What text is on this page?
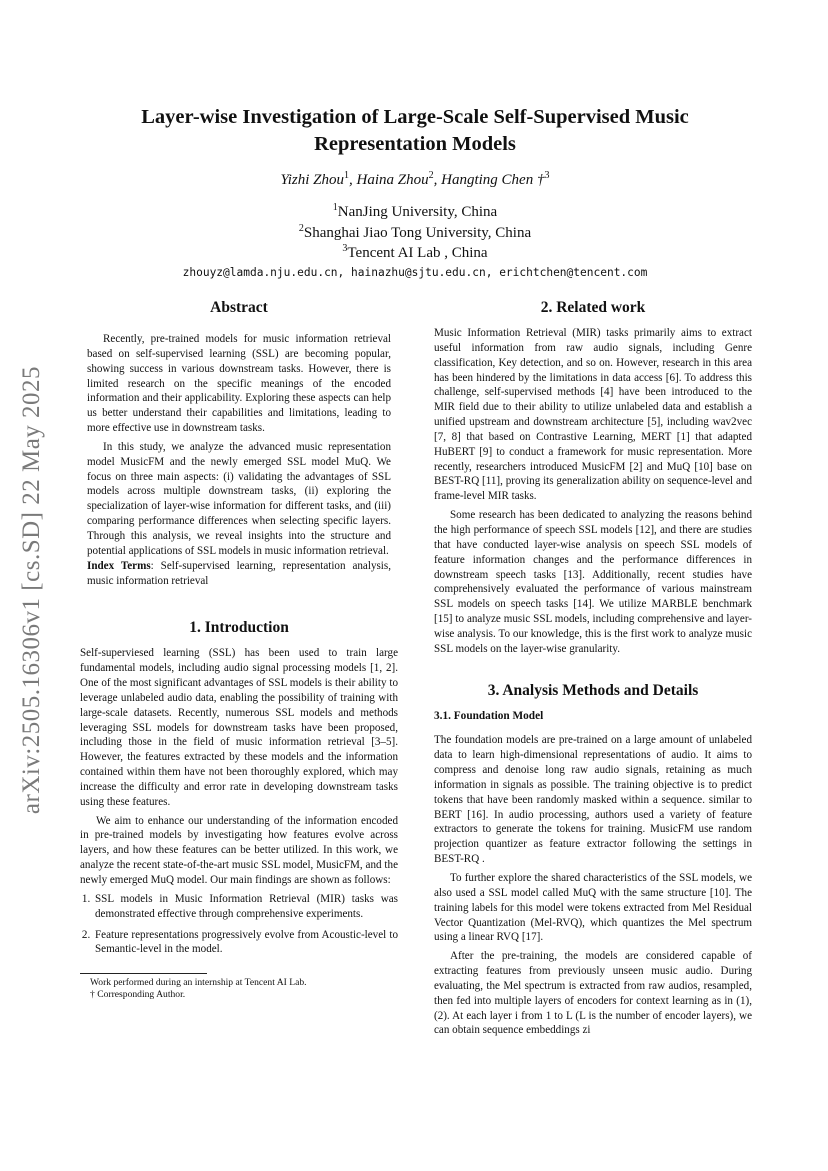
arXiv:2505.16306v1 [cs.SD] 22 May 2025
Layer-wise Investigation of Large-Scale Self-Supervised Music Representation Models
Yizhi Zhou$^1$, Haina Zhou$^2$, Hangting Chen †$^3$
$^1$NanJing University, China
$^2$Shanghai Jiao Tong University, China
$^3$Tencent AI Lab , China
zhouyz@lamda.nju.edu.cn, hainazhu@sjtu.edu.cn, erichtchen@tencent.com
Abstract

Recently, pre-trained models for music information retrieval based on self-supervised learning (SSL) are becoming popular, showing success in various downstream tasks. However, there is limited research on the specific meanings of the encoded information and their applicability. Exploring these aspects can help us better understand their capabilities and limitations, leading to more effective use in downstream tasks.

In this study, we analyze the advanced music representation model MusicFM and the newly emerged SSL model MuQ. We focus on three main aspects: (i) validating the advantages of SSL models across multiple downstream tasks, (ii) exploring the specialization of layer-wise information for different tasks, and (iii) comparing performance differences when selecting specific layers. Through this analysis, we reveal insights into the structure and potential applications of SSL models in music information retrieval.

Index Terms: Self-supervised learning, representation analysis, music information retrieval

1. Introduction

Self-superviesed learning (SSL) has been used to train large fundamental models, including audio signal processing models [1, 2]. One of the most significant advantages of SSL models is their ability to leverage unlabeled audio data, enabling the possibility of training with large-scale datasets. Recently, numerous SSL models and methods leveraging SSL models for downstream tasks have been proposed, including those in the field of music information retrieval [3–5]. However, the features extracted by these models and the information contained within them have not been thoroughly explored, which may increase the difficulty and error rate in developing downstream tasks using these features.

We aim to enhance our understanding of the information encoded in pre-trained models by investigating how features evolve across layers, and how these features can be better utilized. In this work, we analyze the recent state-of-the-art music SSL model, MusicFM, and the newly emerged MuQ model. Our main findings are shown as follows:

1. SSL models in Music Information Retrieval (MIR) tasks was demonstrated effective through comprehensive experiments.
2. Feature representations progressively evolve from Acoustic-level to Semantic-level in the model.
Work performed during an internship at Tencent AI Lab.
† Corresponding Author.
2. Related work

Music Information Retrieval (MIR) tasks primarily aims to extract useful information from raw audio signals, including Genre classification, Key detection, and so on. However, research in this area has been hindered by the limitations in data access [6]. To address this challenge, self-supervised methods [4] have been introduced to the MIR field due to their ability to utilize unlabeled data and establish a unified upstream and downstream architecture [5], including wav2vec [7, 8] that based on Contrastive Learning, MERT [1] that adapted HuBERT [9] to conduct a framework for music representation. More recently, researchers introduced MusicFM [2] and MuQ [10] base on BEST-RQ [11], proving its generalization ability on sequence-level and frame-level MIR tasks.

Some research has been dedicated to analyzing the reasons behind the high performance of speech SSL models [12], and there are studies that have conducted layer-wise analysis on speech SSL models of feature information changes and the performance differences in downstream speech tasks [13]. Additionally, recent studies have comprehensively evaluated the performance of various mainstream SSL models on speech tasks [14]. We utilize MARBLE benchmark [15] to analyze music SSL models, including comprehensive and layer-wise analysis. To our knowledge, this is the first work to analyze music SSL models on the layer-wise granularity.

3. Analysis Methods and Details
3.1. Foundation Model

The foundation models are pre-trained on a large amount of unlabeled data to learn high-dimensional representations of audio. It aims to compress and denoise long raw audio signals, retaining as much information in signals as possible. The training objective is to predict tokens that have been randomly masked within a sequence. similar to BERT [16]. In audio processing, authors used a variety of feature extractors to generate the tokens for training. MusicFM use random projection quantizer as feature extractor following the settings in BEST-RQ .

To further explore the shared characteristics of the SSL models, we also used a SSL model called MuQ with the same structure [10]. The training labels for this model were tokens extracted from Mel Residual Vector Quantization (Mel-RVQ), which quantizes the Mel spectrum using a linear RVQ [17].

After the pre-training, the models are considered capable of extracting features from previously unseen music audio. During evaluating, the Mel spectrum is extracted from raw audios, resampled, then fed into multiple layers of encoders for context learning as in (1),(2). At each layer i from 1 to L (L is the number of encoder layers), we can obtain sequence embeddings zi
